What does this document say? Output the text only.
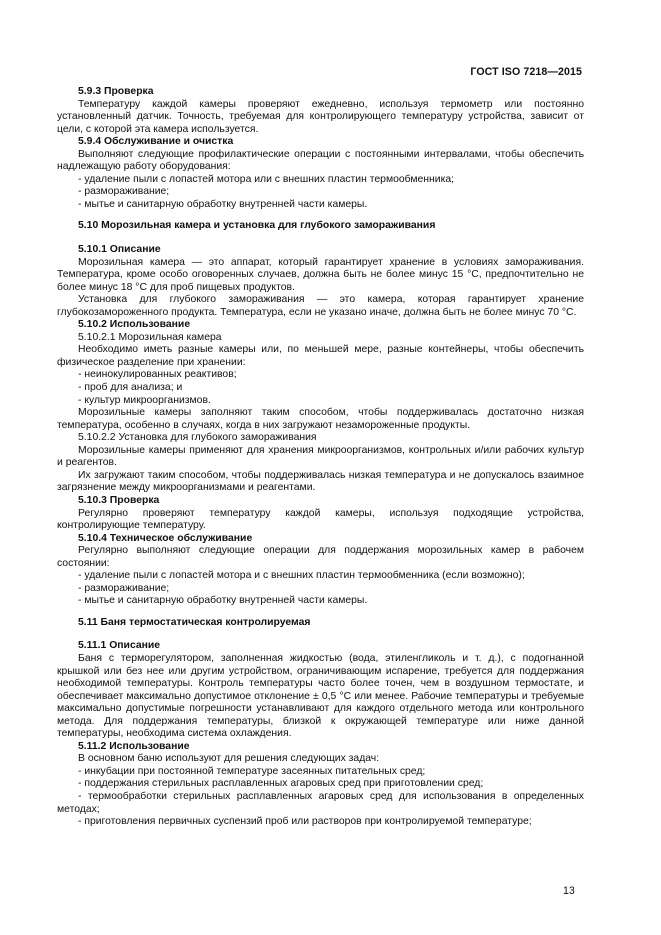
ГОСТ ISO 7218—2015

5.9.3 Проверка

Температуру каждой камеры проверяют ежедневно, используя термометр или постоянно установленный датчик. Точность, требуемая для контролирующего температуру устройства, зависит от цели, с которой эта камера используется.

5.9.4 Обслуживание и очистка

Выполняют следующие профилактические операции с постоянными интервалами, чтобы обеспечить надлежащую работу оборудования:

- удаление пыли с лопастей мотора или с внешних пластин термообменника;

- размораживание;

- мытье и санитарную обработку внутренней части камеры.

5.10 Морозильная камера и установка для глубокого замораживания

5.10.1 Описание

Морозильная камера — это аппарат, который гарантирует хранение в условиях замораживания. Температура, кроме особо оговоренных случаев, должна быть не более минус 15 °С, предпочтительно не более минус 18 °С для проб пищевых продуктов.

Установка для глубокого замораживания — это камера, которая гарантирует хранение глубокозамороженного продукта. Температура, если не указано иначе, должна быть не более минус 70 °С.

5.10.2 Использование

5.10.2.1 Морозильная камера

Необходимо иметь разные камеры или, по меньшей мере, разные контейнеры, чтобы обеспечить физическое разделение при хранении:

- неинокулированных реактивов;

- проб для анализа; и

- культур микроорганизмов.

Морозильные камеры заполняют таким способом, чтобы поддерживалась достаточно низкая температура, особенно в случаях, когда в них загружают незамороженные продукты.

5.10.2.2 Установка для глубокого замораживания

Морозильные камеры применяют для хранения микроорганизмов, контрольных и/или рабочих культур и реагентов.

Их загружают таким способом, чтобы поддерживалась низкая температура и не допускалось взаимное загрязнение между микроорганизмами и реагентами.

5.10.3 Проверка

Регулярно проверяют температуру каждой камеры, используя подходящие устройства, контролирующие температуру.

5.10.4 Техническое обслуживание

Регулярно выполняют следующие операции для поддержания морозильных камер в рабочем состоянии:

- удаление пыли с лопастей мотора и с внешних пластин термообменника (если возможно);

- размораживание;

- мытье и санитарную обработку внутренней части камеры.

5.11 Баня термостатическая контролируемая

5.11.1 Описание

Баня с терморегулятором, заполненная жидкостью (вода, этиленгликоль и т. д.), с подогнанной крышкой или без нее или другим устройством, ограничивающим испарение, требуется для поддержания необходимой температуры. Контроль температуры часто более точен, чем в воздушном термостате, и обеспечивает максимально допустимое отклонение ± 0,5 °С или менее. Рабочие температуры и требуемые максимально допустимые погрешности устанавливают для каждого отдельного метода или контрольного метода. Для поддержания температуры, близкой к окружающей температуре или ниже данной температуры, необходима система охлаждения.

5.11.2 Использование

В основном баню используют для решения следующих задач:

- инкубации при постоянной температуре засеянных питательных сред;

- поддержания стерильных расплавленных агаровых сред при приготовлении сред;

- термообработки стерильных расплавленных агаровых сред для использования в определенных методах;

- приготовления первичных суспензий проб или растворов при контролируемой температуре;

13
